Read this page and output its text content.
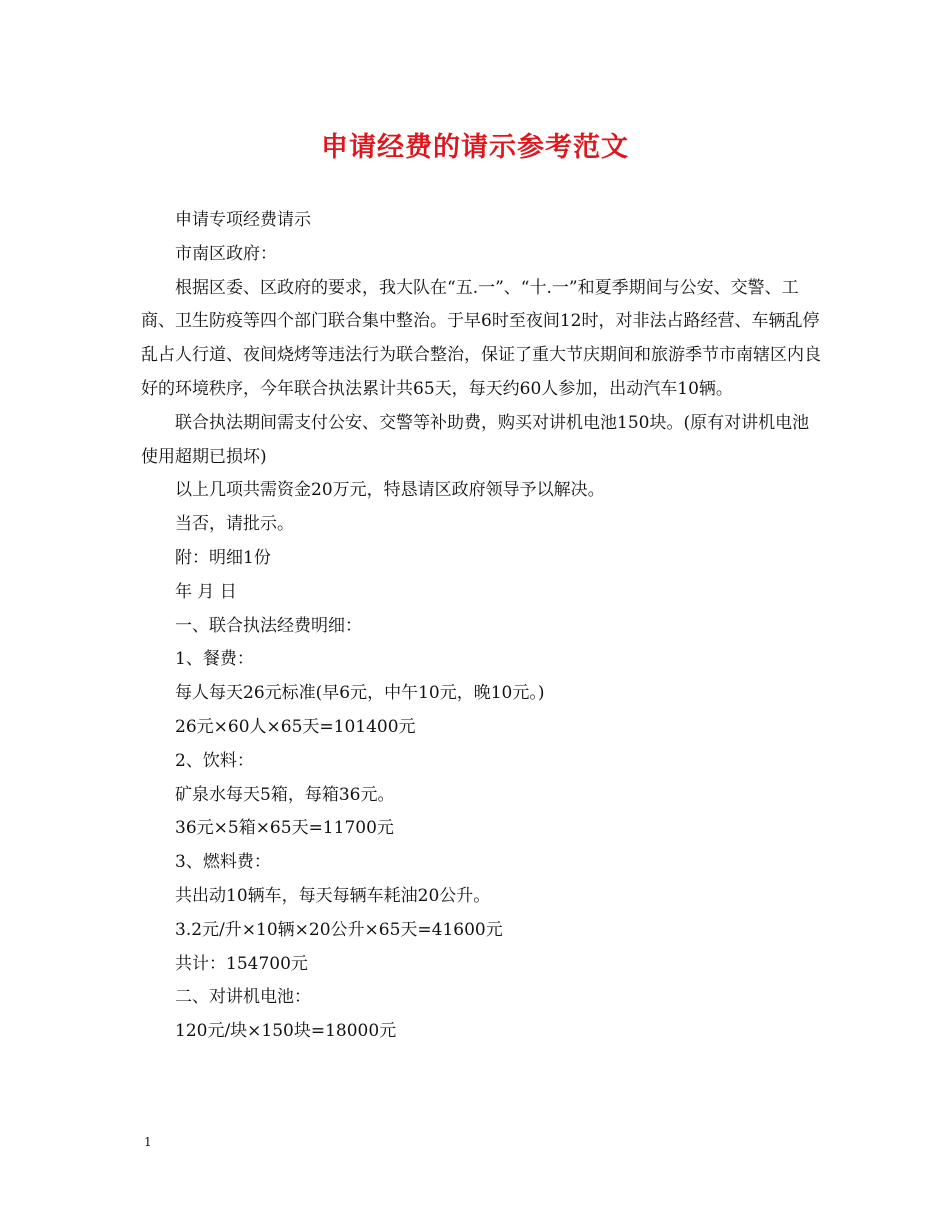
申请经费的请示参考范文

申请专项经费请示

市南区政府：

根据区委、区政府的要求，我大队在“五.一”、“十.一”和夏季期间与公安、交警、工商、卫生防疫等四个部门联合集中整治。于早6时至夜间12时，对非法占路经营、车辆乱停乱占人行道、夜间烧烤等违法行为联合整治，保证了重大节庆期间和旅游季节市南辖区内良好的环境秩序，今年联合执法累计共65天，每天约60人参加，出动汽车10辆。

联合执法期间需支付公安、交警等补助费，购买对讲机电池150块。(原有对讲机电池使用超期已损坏)

以上几项共需资金20万元，特恳请区政府领导予以解决。

当否，请批示。

附：明细1份

年 月 日

一、联合执法经费明细：

1、餐费：

每人每天26元标准(早6元，中午10元，晚10元。)

26元×60人×65天=101400元

2、饮料：

矿泉水每天5箱，每箱36元。

36元×5箱×65天=11700元

3、燃料费：

共出动10辆车，每天每辆车耗油20公升。

3.2元/升×10辆×20公升×65天=41600元

共计：154700元

二、对讲机电池：

120元/块×150块=18000元

1
